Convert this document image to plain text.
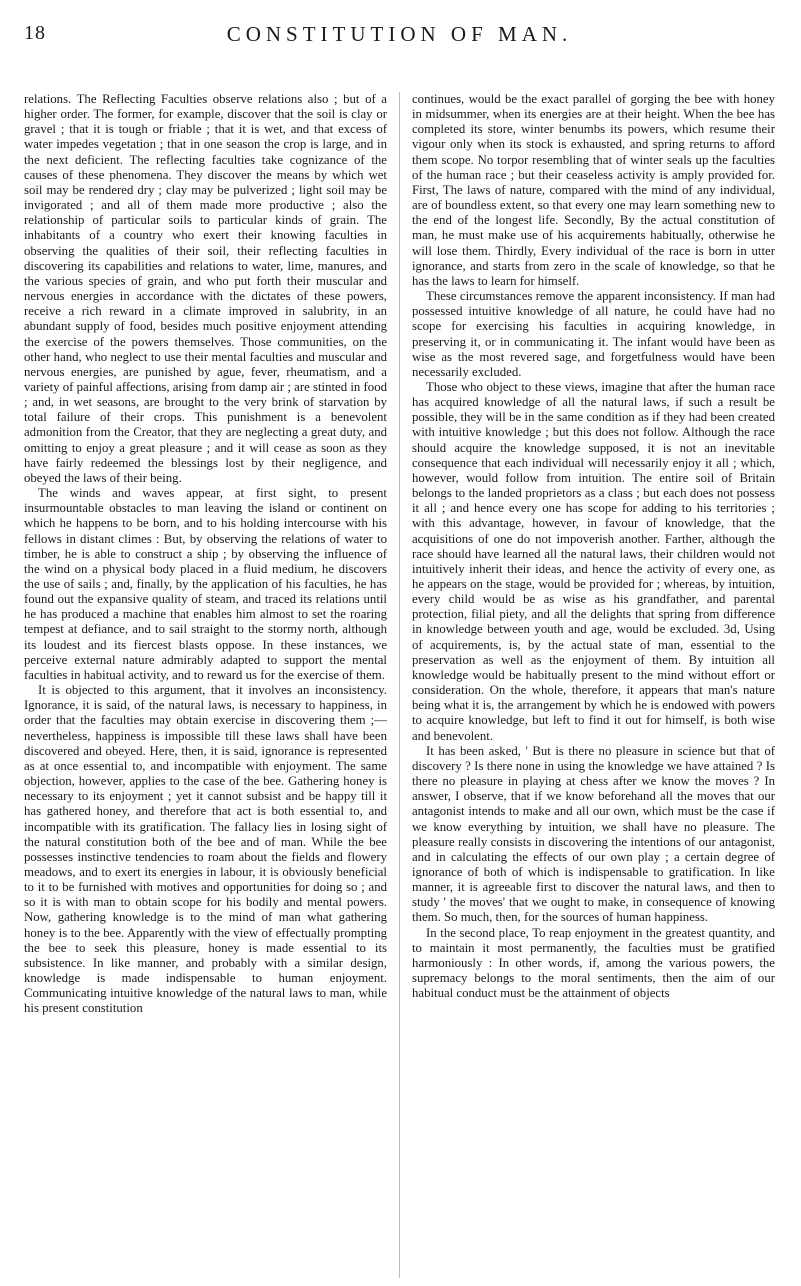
18	CONSTITUTION OF MAN.

relations. The Reflecting Faculties observe relations also ; but of a higher order. The former, for example, discover that the soil is clay or gravel ; that it is tough or friable ; that it is wet, and that excess of water impedes vegetation ; that in one season the crop is large, and in the next deficient. The reflecting faculties take cognizance of the causes of these phenomena. They discover the means by which wet soil may be rendered dry ; clay may be pulverized ; light soil may be invigorated ; and all of them made more productive ; also the relationship of particular soils to particular kinds of grain. The inhabitants of a country who exert their knowing faculties in observing the qualities of their soil, their reflecting faculties in discovering its capabilities and relations to water, lime, manures, and the various species of grain, and who put forth their muscular and nervous energies in accordance with the dictates of these powers, receive a rich reward in a climate improved in salubrity, in an abundant supply of food, besides much positive enjoyment attending the exercise of the powers themselves. Those communities, on the other hand, who neglect to use their mental faculties and muscular and nervous energies, are punished by ague, fever, rheumatism, and a variety of painful affections, arising from damp air ; are stinted in food ; and, in wet seasons, are brought to the very brink of starvation by total failure of their crops. This punishment is a benevolent admonition from the Creator, that they are neglecting a great duty, and omitting to enjoy a great pleasure ; and it will cease as soon as they have fairly redeemed the blessings lost by their negligence, and obeyed the laws of their being.

The winds and waves appear, at first sight, to present insurmountable obstacles to man leaving the island or continent on which he happens to be born, and to his holding intercourse with his fellows in distant climes : But, by observing the relations of water to timber, he is able to construct a ship ; by observing the influence of the wind on a physical body placed in a fluid medium, he discovers the use of sails ; and, finally, by the application of his faculties, he has found out the expansive quality of steam, and traced its relations until he has produced a machine that enables him almost to set the roaring tempest at defiance, and to sail straight to the stormy north, although its loudest and its fiercest blasts oppose. In these instances, we perceive external nature admirably adapted to support the mental faculties in habitual activity, and to reward us for the exercise of them.

It is objected to this argument, that it involves an inconsistency. Ignorance, it is said, of the natural laws, is necessary to happiness, in order that the faculties may obtain exercise in discovering them ;—nevertheless, happiness is impossible till these laws shall have been discovered and obeyed. Here, then, it is said, ignorance is represented as at once essential to, and incompatible with enjoyment. The same objection, however, applies to the case of the bee. Gathering honey is necessary to its enjoyment ; yet it cannot subsist and be happy till it has gathered honey, and therefore that act is both essential to, and incompatible with its gratification. The fallacy lies in losing sight of the natural constitution both of the bee and of man. While the bee possesses instinctive tendencies to roam about the fields and flowery meadows, and to exert its energies in labour, it is obviously beneficial to it to be furnished with motives and opportunities for doing so ; and so it is with man to obtain scope for his bodily and mental powers. Now, gathering knowledge is to the mind of man what gathering honey is to the bee. Apparently with the view of effectually prompting the bee to seek this pleasure, honey is made essential to its subsistence. In like manner, and probably with a similar design, knowledge is made indispensable to human enjoyment. Communicating intuitive knowledge of the natural laws to man, while his present constitution

continues, would be the exact parallel of gorging the bee with honey in midsummer, when its energies are at their height. When the bee has completed its store, winter benumbs its powers, which resume their vigour only when its stock is exhausted, and spring returns to afford them scope. No torpor resembling that of winter seals up the faculties of the human race ; but their ceaseless activity is amply provided for. First, The laws of nature, compared with the mind of any individual, are of boundless extent, so that every one may learn something new to the end of the longest life. Secondly, By the actual constitution of man, he must make use of his acquirements habitually, otherwise he will lose them. Thirdly, Every individual of the race is born in utter ignorance, and starts from zero in the scale of knowledge, so that he has the laws to learn for himself.

These circumstances remove the apparent inconsistency. If man had possessed intuitive knowledge of all nature, he could have had no scope for exercising his faculties in acquiring knowledge, in preserving it, or in communicating it. The infant would have been as wise as the most revered sage, and forgetfulness would have been necessarily excluded.

Those who object to these views, imagine that after the human race has acquired knowledge of all the natural laws, if such a result be possible, they will be in the same condition as if they had been created with intuitive knowledge ; but this does not follow. Although the race should acquire the knowledge supposed, it is not an inevitable consequence that each individual will necessarily enjoy it all ; which, however, would follow from intuition. The entire soil of Britain belongs to the landed proprietors as a class ; but each does not possess it all ; and hence every one has scope for adding to his territories ; with this advantage, however, in favour of knowledge, that the acquisitions of one do not impoverish another. Farther, although the race should have learned all the natural laws, their children would not intuitively inherit their ideas, and hence the activity of every one, as he appears on the stage, would be provided for ; whereas, by intuition, every child would be as wise as his grandfather, and parental protection, filial piety, and all the delights that spring from difference in knowledge between youth and age, would be excluded. 3d, Using of acquirements, is, by the actual state of man, essential to the preservation as well as the enjoyment of them. By intuition all knowledge would be habitually present to the mind without effort or consideration. On the whole, therefore, it appears that man's nature being what it is, the arrangement by which he is endowed with powers to acquire knowledge, but left to find it out for himself, is both wise and benevolent.

It has been asked, ' But is there no pleasure in science but that of discovery ? Is there none in using the knowledge we have attained ? Is there no pleasure in playing at chess after we know the moves ? In answer, I observe, that if we know beforehand all the moves that our antagonist intends to make and all our own, which must be the case if we know everything by intuition, we shall have no pleasure. The pleasure really consists in discovering the intentions of our antagonist, and in calculating the effects of our own play ; a certain degree of ignorance of both of which is indispensable to gratification. In like manner, it is agreeable first to discover the natural laws, and then to study ' the moves' that we ought to make, in consequence of knowing them. So much, then, for the sources of human happiness.

In the second place, To reap enjoyment in the greatest quantity, and to maintain it most permanently, the faculties must be gratified harmoniously : In other words, if, among the various powers, the supremacy belongs to the moral sentiments, then the aim of our habitual conduct must be the attainment of objects
